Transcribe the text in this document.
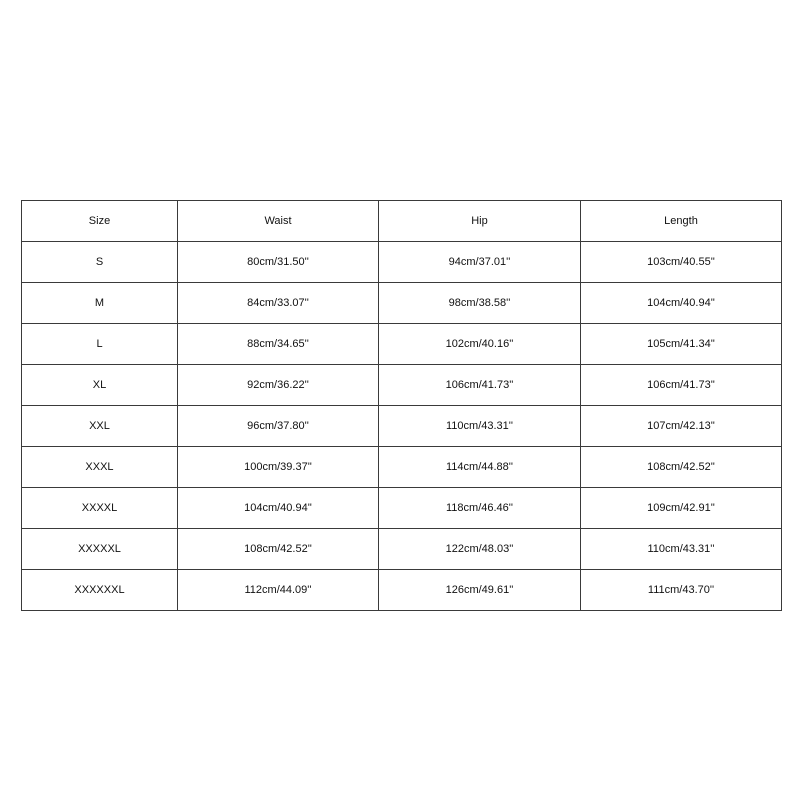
Size	Waist	Hip	Length
S	80cm/31.50''	94cm/37.01''	103cm/40.55''
M	84cm/33.07''	98cm/38.58''	104cm/40.94''
L	88cm/34.65''	102cm/40.16''	105cm/41.34''
XL	92cm/36.22''	106cm/41.73''	106cm/41.73''
XXL	96cm/37.80''	110cm/43.31''	107cm/42.13''
XXXL	100cm/39.37''	114cm/44.88''	108cm/42.52''
XXXXL	104cm/40.94''	118cm/46.46''	109cm/42.91''
XXXXXL	108cm/42.52''	122cm/48.03''	110cm/43.31''
XXXXXXL	112cm/44.09''	126cm/49.61''	111cm/43.70''
